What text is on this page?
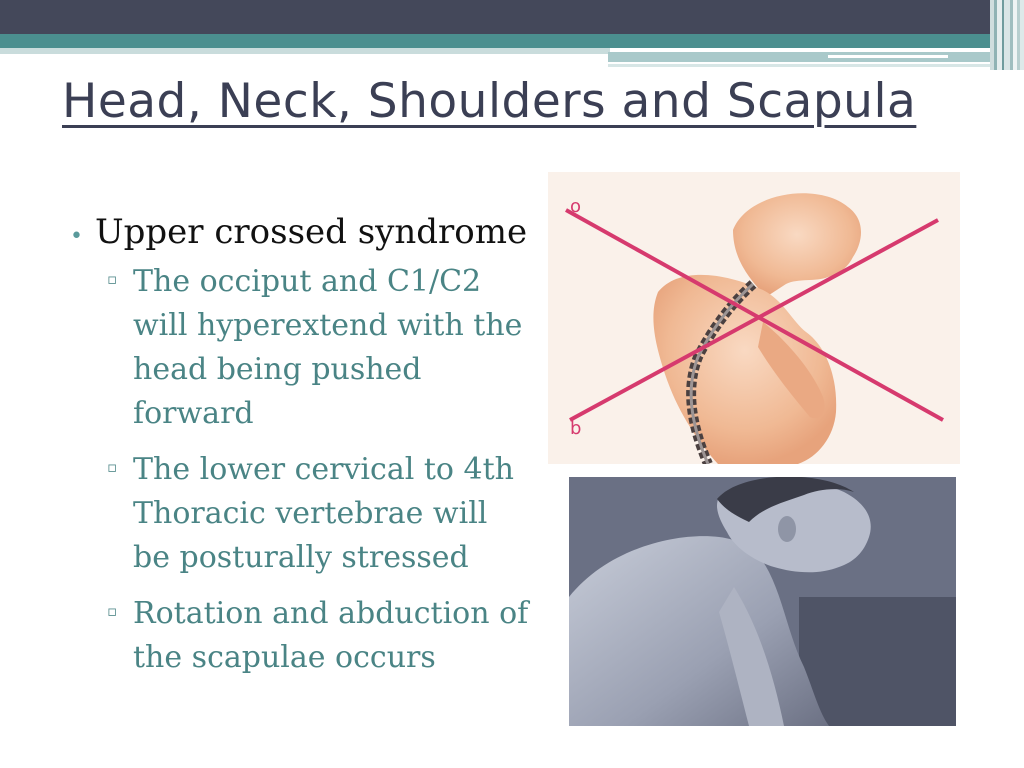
Head, Neck, Shoulders and Scapula
• Upper crossed syndrome
▫ The occiput and C1/C2 will hyperextend with the head being pushed forward
▫ The lower cervical to 4th Thoracic vertebrae will be posturally stressed
▫ Rotation and abduction of the scapulae occurs
o
b
